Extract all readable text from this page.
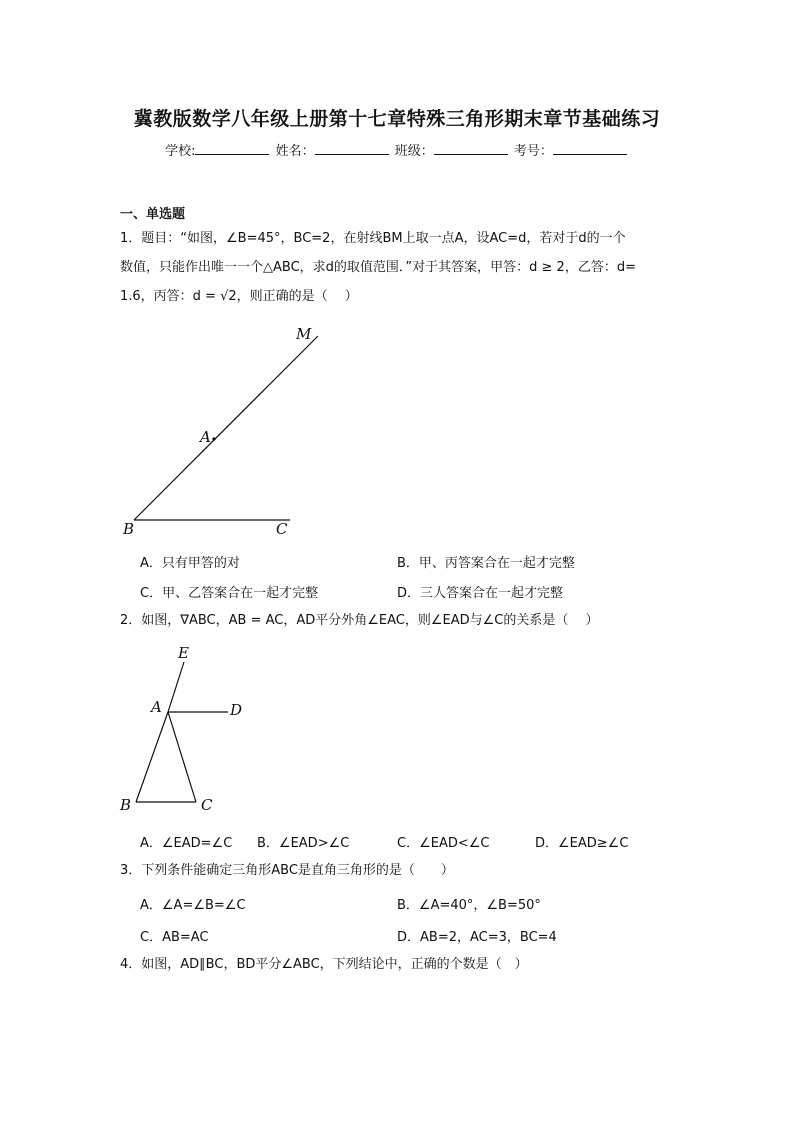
冀教版数学八年级上册第十七章特殊三角形期末章节基础练习
学校:	姓名：	班级：	考号：
一、单选题
1．题目：“如图，∠B=45°，BC=2，在射线BM上取一点A，设AC=d，若对于d的一个
数值，只能作出唯一一个△ABC，求d的取值范围．”对于其答案，甲答：d ≥ 2，乙答：d=
1.6，丙答：d = √2，则正确的是（　 ）
M
A
B	C
A．只有甲答的对	B．甲、丙答案合在一起才完整
C．甲、乙答案合在一起才完整	D．三人答案合在一起才完整
2．如图，∇ABC，AB = AC，AD平分外角∠EAC，则∠EAD与∠C的关系是（　 ）
E
A	D
B	C
A．∠EAD=∠C B．∠EAD>∠C	C．∠EAD<∠C	D．∠EAD≥∠C
3．下列条件能确定三角形ABC是直角三角形的是（　　）
A．∠A=∠B=∠C	B．∠A=40°，∠B=50°
C．AB=AC	D．AB=2，AC=3，BC=4
4．如图，AD∥BC，BD平分∠ABC，下列结论中，正确的个数是（　）
